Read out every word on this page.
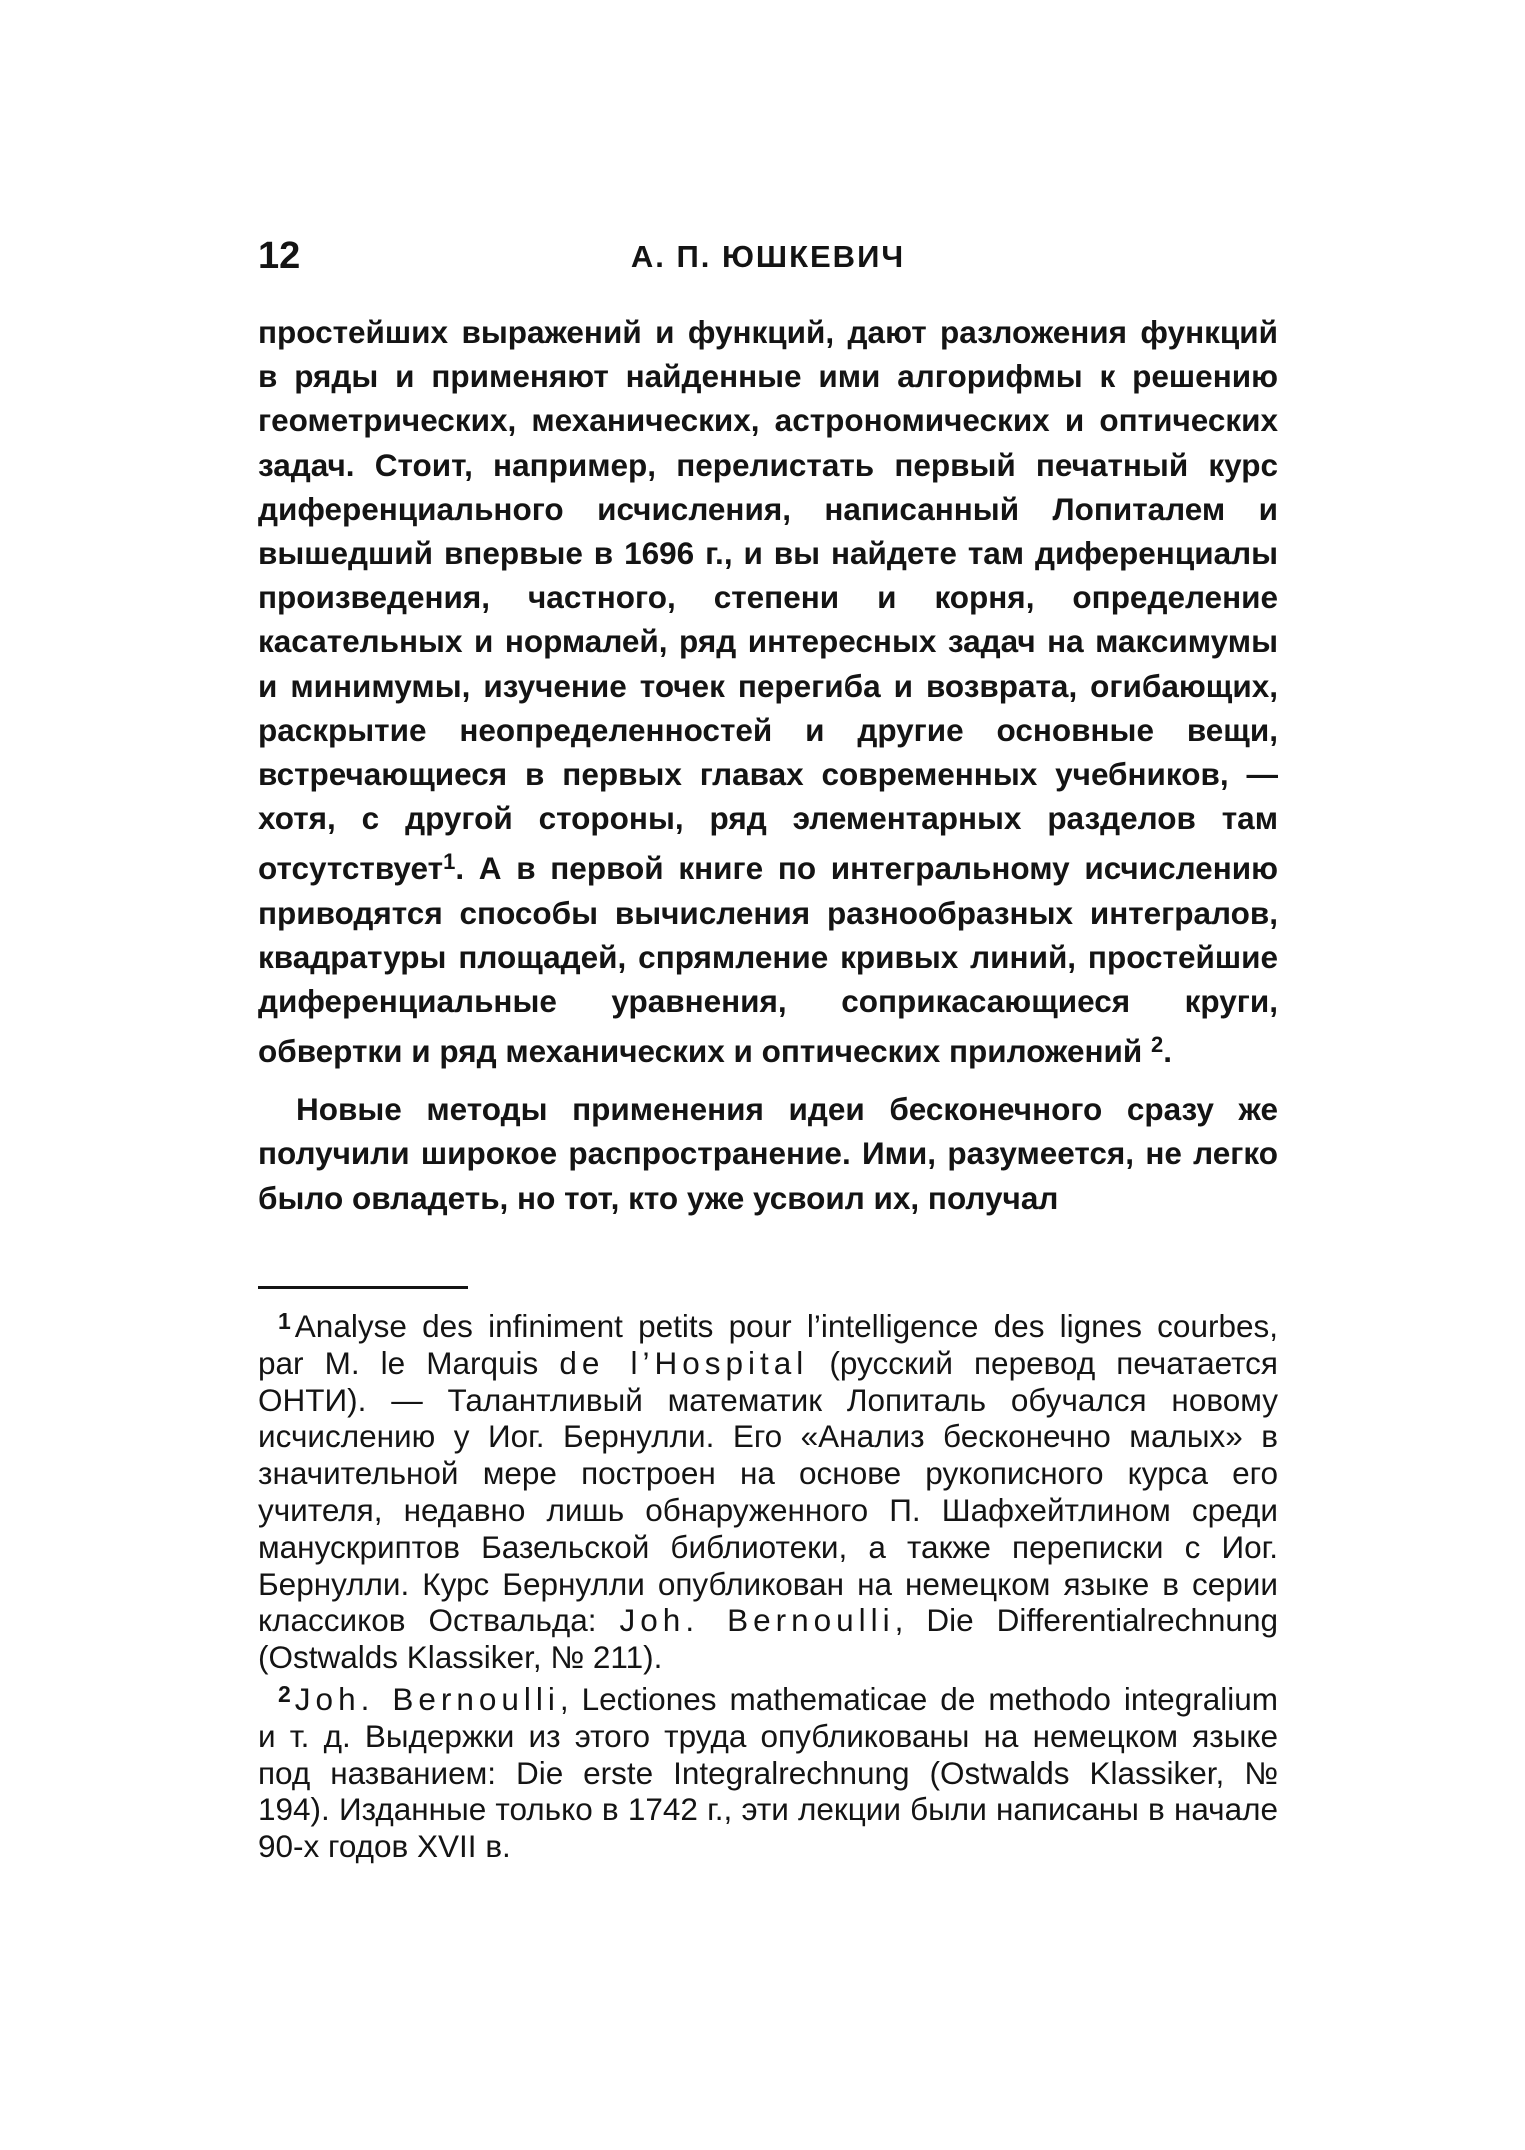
12	А. П. ЮШКЕВИЧ

простейших выражений и функций, дают разложения функций в ряды и применяют найденные ими алгорифмы к решению геометрических, механических, астрономических и оптических задач. Стоит, например, перелистать первый печатный курс диференциального исчисления, написанный Лопиталем и вышедший впервые в 1696 г., и вы найдете там диференциалы произведения, частного, степени и корня, определение касательных и нормалей, ряд интересных задач на максимумы и минимумы, изучение точек перегиба и возврата, огибающих, раскрытие неопределенностей и другие основные вещи, встречающиеся в первых главах современных учебников, — хотя, с другой стороны, ряд элементарных разделов там отсутствует$^1$. А в первой книге по интегральному исчислению приводятся способы вычисления разнообразных интегралов, квадратуры площадей, спрямление кривых линий, простейшие диференциальные уравнения, соприкасающиеся круги, обвертки и ряд механических и оптических приложений $^2$.

Новые методы применения идеи бесконечного сразу же получили широкое распространение. Ими, разумеется, не легко было овладеть, но тот, кто уже усвоил их, получал

$^1$ Analyse des infiniment petits pour l’intelligence des lignes courbes, par M. le Marquis de l’Hospital (русский перевод печатается ОНТИ). — Талантливый математик Лопиталь обучался новому исчислению у Иог. Бернулли. Его «Анализ бесконечно малых» в значительной мере построен на основе рукописного курса его учителя, недавно лишь обнаруженного П. Шафхейтлином среди манускриптов Базельской библиотеки, а также переписки с Иог. Бернулли. Курс Бернулли опубликован на немецком языке в серии классиков Оствальда: Joh. Bernoulli, Die Differentialrechnung (Ostwalds Klassiker, № 211).

$^2$ Joh. Bernoulli, Lectiones mathematicae de methodo integralium и т. д. Выдержки из этого труда опубликованы на немецком языке под названием: Die erste Integralrechnung (Ostwalds Klassiker, № 194). Изданные только в 1742 г., эти лекции были написаны в начале 90-х годов XVII в.
